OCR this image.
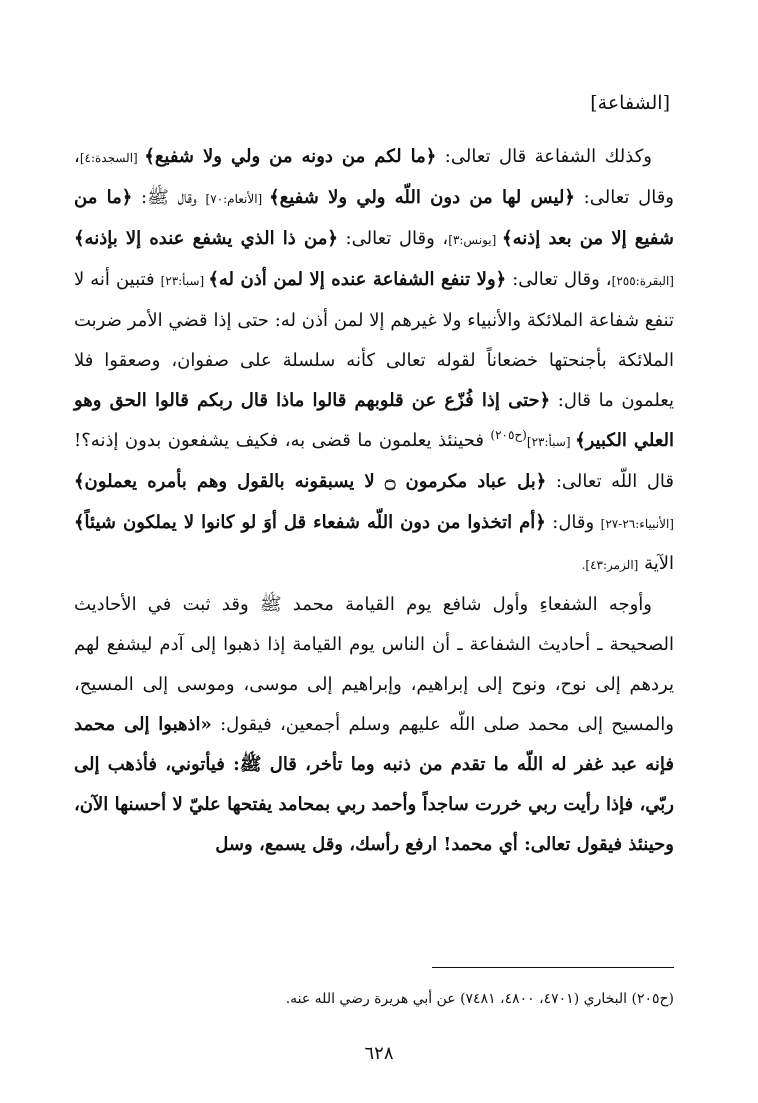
[الشفاعة]

وكذلك الشفاعة قال تعالى: ﴿ما لكم من دونه من ولي ولا شفيع﴾ [السجدة:٤]، وقال تعالى: ﴿ليس لها من دون اللّه ولي ولا شفيع﴾ [الأنعام:٧٠] وقال ﷺ: ﴿ما من شفيع إلا من بعد إذنه﴾ [يونس:٣]، وقال تعالى: ﴿من ذا الذي يشفع عنده إلا بإذنه﴾ [البقرة:٢٥٥]، وقال تعالى: ﴿ولا تنفع الشفاعة عنده إلا لمن أذن له﴾ [سبأ:٢٣] فتبين أنه لا تنفع شفاعة الملائكة والأنبياء ولا غيرهم إلا لمن أذن له: حتى إذا قضي الأمر ضربت الملائكة بأجنحتها خضعاناً لقوله تعالى كأنه سلسلة على صفوان، وصعقوا فلا يعلمون ما قال: ﴿حتى إذا فُزّع عن قلوبهم قالوا ماذا قال ربكم قالوا الحق وهو العلي الكبير﴾ [سبأ:٢٣]$^{(ح٢٠٥)}$ فحينئذ يعلمون ما قضى به، فكيف يشفعون بدون إذنه؟! قال اللّه تعالى: ﴿بل عباد مكرمون ۝ لا يسبقونه بالقول وهم بأمره يعملون﴾ [الأنبياء:٢٦-٢٧] وقال: ﴿أم اتخذوا من دون اللّه شفعاء قل أوَ لو كانوا لا يملكون شيئاً﴾ الآية [الزمر:٤٣].

وأوجه الشفعاءِ وأول شافع يوم القيامة محمد ﷺ وقد ثبت في الأحاديث الصحيحة ـ أحاديث الشفاعة ـ أن الناس يوم القيامة إذا ذهبوا إلى آدم ليشفع لهم يردهم إلى نوح، ونوح إلى إبراهيم، وإبراهيم إلى موسى، وموسى إلى المسيح، والمسيح إلى محمد صلى اللّه عليهم وسلم أجمعين، فيقول: «اذهبوا إلى محمد فإنه عبد غفر له اللّه ما تقدم من ذنبه وما تأخر، قال ﷺ: فيأتوني، فأذهب إلى ربّي، فإذا رأيت ربي خررت ساجداً وأحمد ربي بمحامد يفتحها عليّ لا أحسنها الآن، وحينئذ فيقول تعالى: أي محمد! ارفع رأسك، وقل يسمع، وسل

(ح٢٠٥) البخاري (٤٧٠١، ٤٨٠٠، ٧٤٨١) عن أبي هريرة رضي الله عنه.

٦٢٨
